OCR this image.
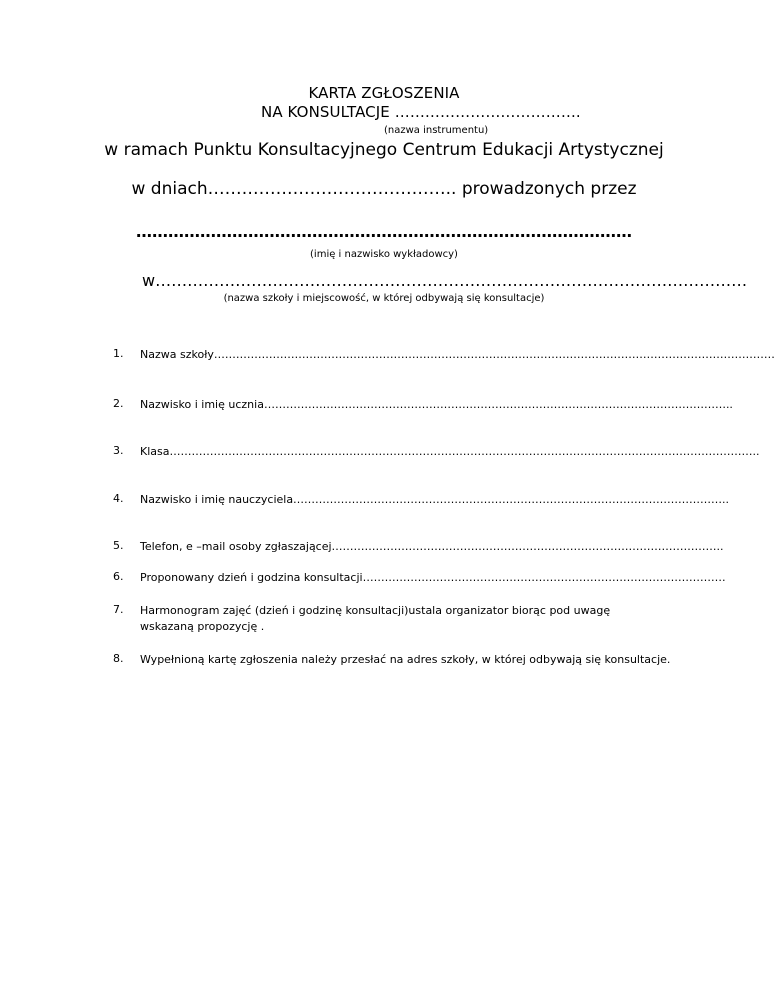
KARTA ZGŁOSZENIA
NA KONSULTACJE ……………………………….
(nazwa instrumentu)
w ramach Punktu Konsultacyjnego Centrum Edukacji Artystycznej
w dniach…………………………………….. prowadzonych przez
…………………………………………………………………………………
(imię i nazwisko wykładowcy)
w…………………………………………………………………………………………………
(nazwa szkoły i miejscowość, w której odbywają się konsultacje)
1.	Nazwa szkoły………………………………………………………………………………………………………………………………………
2.	Nazwisko i imię ucznia………………………………………………………………………………………………………………..
3.	Klasa……………………………………………………………………………………………………………………………………………..
4.	Nazwisko i imię nauczyciela………………………………………………………………………………………………………..
5.	Telefon, e –mail osoby zgłaszającej……………………………………………………………………………………………..
6.	Proponowany dzień i godzina konsultacji………………………………………………………………………………………
7.	Harmonogram zajęć (dzień i godzinę konsultacji)ustala organizator biorąc pod uwagę wskazaną propozycję .
8.	Wypełnioną kartę zgłoszenia należy przesłać na adres szkoły, w której odbywają się konsultacje.
